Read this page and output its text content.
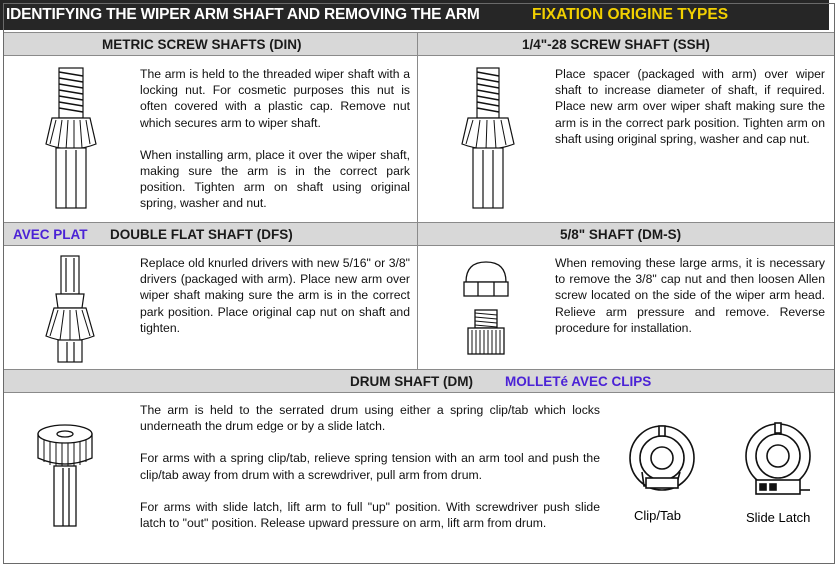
IDENTIFYING THE WIPER ARM SHAFT AND REMOVING THE ARM	FIXATION ORIGINE TYPES
METRIC SCREW SHAFTS (DIN)	1/4"-28 SCREW SHAFT (SSH)
AVEC PLAT DOUBLE FLAT SHAFT (DFS)	5/8" SHAFT (DM-S)
DRUM SHAFT (DM) MOLLETé AVEC CLIPS

The arm is held to the threaded wiper shaft with a locking nut. For cosmetic purposes this nut is often covered with a plastic cap. Remove nut which secures arm to wiper shaft.

When installing arm, place it over the wiper shaft, making sure the arm is in the correct park position. Tighten arm on shaft using original spring, washer and nut.

Place spacer (packaged with arm) over wiper shaft to increase diameter of shaft, if required. Place new arm over wiper shaft making sure the arm is in the correct park position. Tighten arm on shaft using original spring, washer and cap nut.

Replace old knurled drivers with new 5/16" or 3/8" drivers (packaged with arm). Place new arm over wiper shaft making sure the arm is in the correct park position. Place original cap nut on shaft and tighten.

When removing these large arms, it is necessary to remove the 3/8" cap nut and then loosen Allen screw located on the side of the wiper arm head. Relieve arm pressure and remove. Reverse procedure for installation.

The arm is held to the serrated drum using either a spring clip/tab which locks underneath the drum edge or by a slide latch.

For arms with a spring clip/tab, relieve spring tension with an arm tool and push the clip/tab away from drum with a screwdriver, pull arm from drum.

For arms with slide latch, lift arm to full "up" position. With screwdriver push slide latch to "out" position. Release upward pressure on arm, lift arm from drum.

Clip/Tab	Slide Latch
